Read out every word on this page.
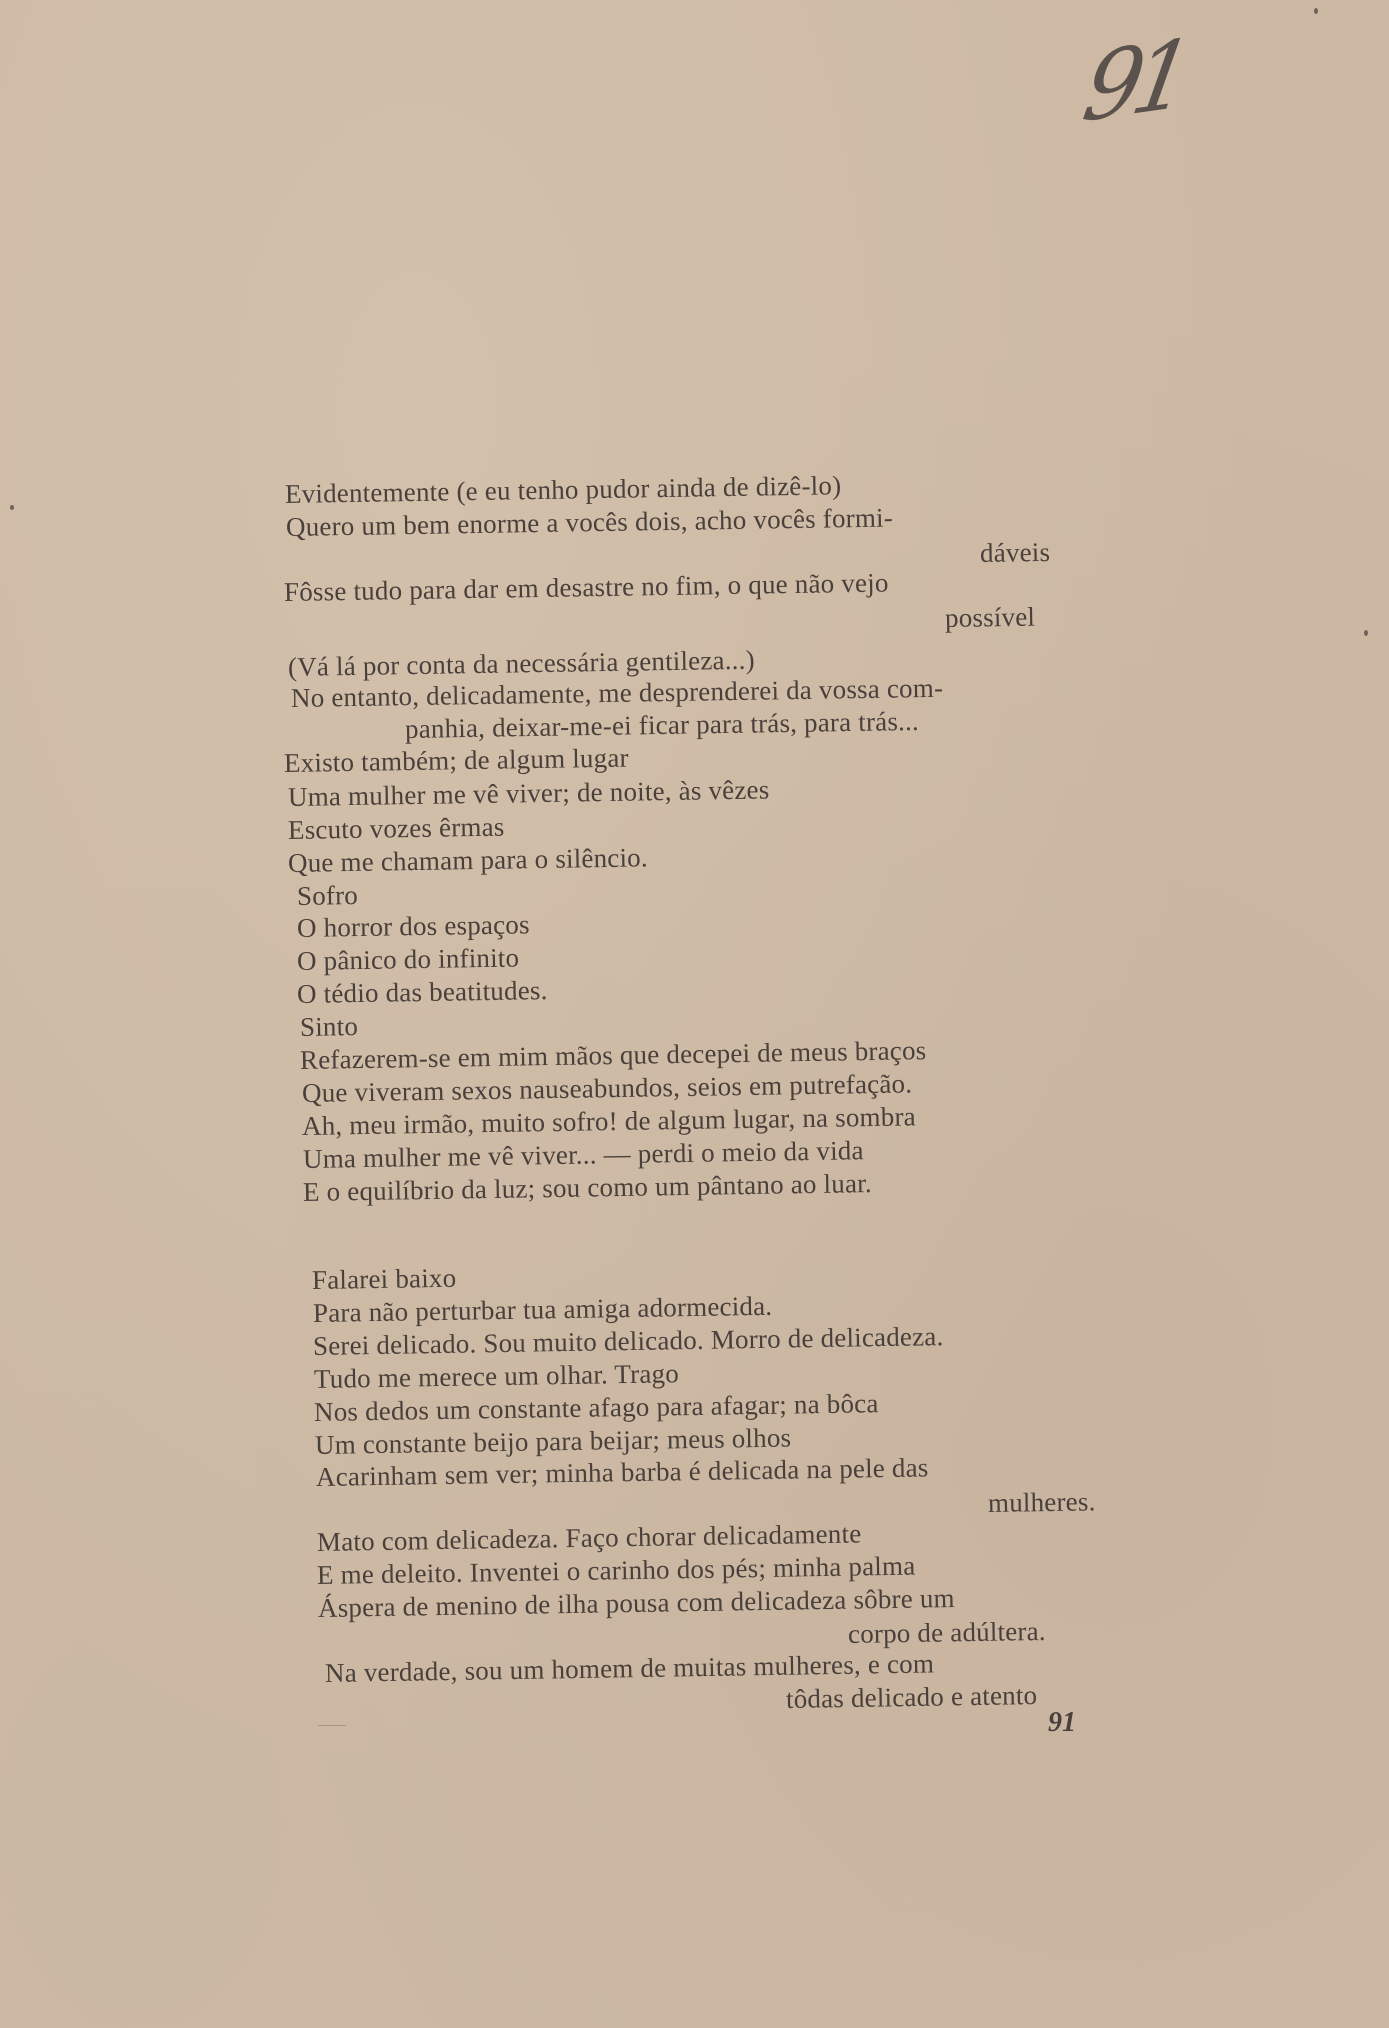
91
Evidentemente (e eu tenho pudor ainda de dizê-lo)
Quero um bem enorme a vocês dois, acho vocês formi-
dáveis
Fôsse tudo para dar em desastre no fim, o que não vejo
possível
(Vá lá por conta da necessária gentileza...)
No entanto, delicadamente, me desprenderei da vossa com-
panhia, deixar-me-ei ficar para trás, para trás...
Existo também; de algum lugar
Uma mulher me vê viver; de noite, às vêzes
Escuto vozes êrmas
Que me chamam para o silêncio.
Sofro
O horror dos espaços
O pânico do infinito
O tédio das beatitudes.
Sinto
Refazerem-se em mim mãos que decepei de meus braços
Que viveram sexos nauseabundos, seios em putrefação.
Ah, meu irmão, muito sofro! de algum lugar, na sombra
Uma mulher me vê viver... — perdi o meio da vida
E o equilíbrio da luz; sou como um pântano ao luar.
Falarei baixo
Para não perturbar tua amiga adormecida.
Serei delicado. Sou muito delicado. Morro de delicadeza.
Tudo me merece um olhar. Trago
Nos dedos um constante afago para afagar; na bôca
Um constante beijo para beijar; meus olhos
Acarinham sem ver; minha barba é delicada na pele das
mulheres.
Mato com delicadeza. Faço chorar delicadamente
E me deleito. Inventei o carinho dos pés; minha palma
Áspera de menino de ilha pousa com delicadeza sôbre um
corpo de adúltera.
Na verdade, sou um homem de muitas mulheres, e com
tôdas delicado e atento
91
